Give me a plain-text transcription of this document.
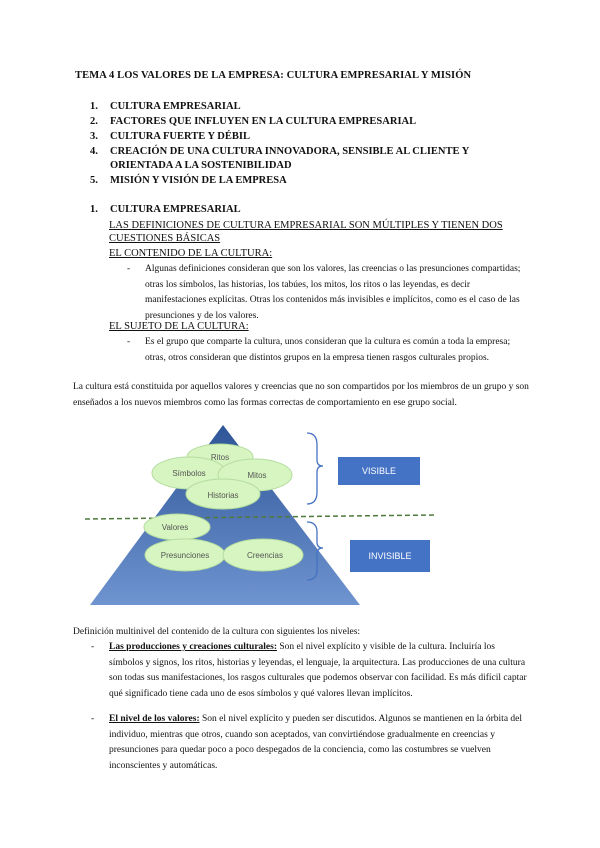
TEMA 4 LOS VALORES DE LA EMPRESA: CULTURA EMPRESARIAL Y MISIÓN
1. CULTURA EMPRESARIAL
2. FACTORES QUE INFLUYEN EN LA CULTURA EMPRESARIAL
3. CULTURA FUERTE Y DÉBIL
4. CREACIÓN DE UNA CULTURA INNOVADORA, SENSIBLE AL CLIENTE Y ORIENTADA A LA SOSTENIBILIDAD
5. MISIÓN Y VISIÓN DE LA EMPRESA
1. CULTURA EMPRESARIAL
LAS DEFINICIONES DE CULTURA EMPRESARIAL SON MÚLTIPLES Y TIENEN DOS CUESTIONES BÁSICAS
EL CONTENIDO DE LA CULTURA:
- Algunas definiciones consideran que son los valores, las creencias o las presunciones compartidas; otras los símbolos, las historias, los tabúes, los mitos, los ritos o las leyendas, es decir manifestaciones explícitas. Otras los contenidos más invisibles e implícitos, como es el caso de las presunciones y de los valores.
EL SUJETO DE LA CULTURA:
- Es el grupo que comparte la cultura, unos consideran que la cultura es común a toda la empresa; otras, otros consideran que distintos grupos en la empresa tienen rasgos culturales propios.
La cultura está constituida por aquellos valores y creencias que no son compartidos por los miembros de un grupo y son enseñados a los nuevos miembros como las formas correctas de comportamiento en ese grupo social.
Ritos
Símbolos	Mitos
Historias
Valores
Presunciones	Creencias
VISIBLE
INVISIBLE
Definición multinivel del contenido de la cultura con siguientes los niveles:
- Las producciones y creaciones culturales: Son el nivel explícito y visible de la cultura. Incluiría los símbolos y signos, los ritos, historias y leyendas, el lenguaje, la arquitectura. Las producciones de una cultura son todas sus manifestaciones, los rasgos culturales que podemos observar con facilidad. Es más difícil captar qué significado tiene cada uno de esos símbolos y qué valores llevan implícitos.
- El nivel de los valores: Son el nivel explícito y pueden ser discutidos. Algunos se mantienen en la órbita del individuo, mientras que otros, cuando son aceptados, van convirtiéndose gradualmente en creencias y presunciones para quedar poco a poco despegados de la conciencia, como las costumbres se vuelven inconscientes y automáticas.
